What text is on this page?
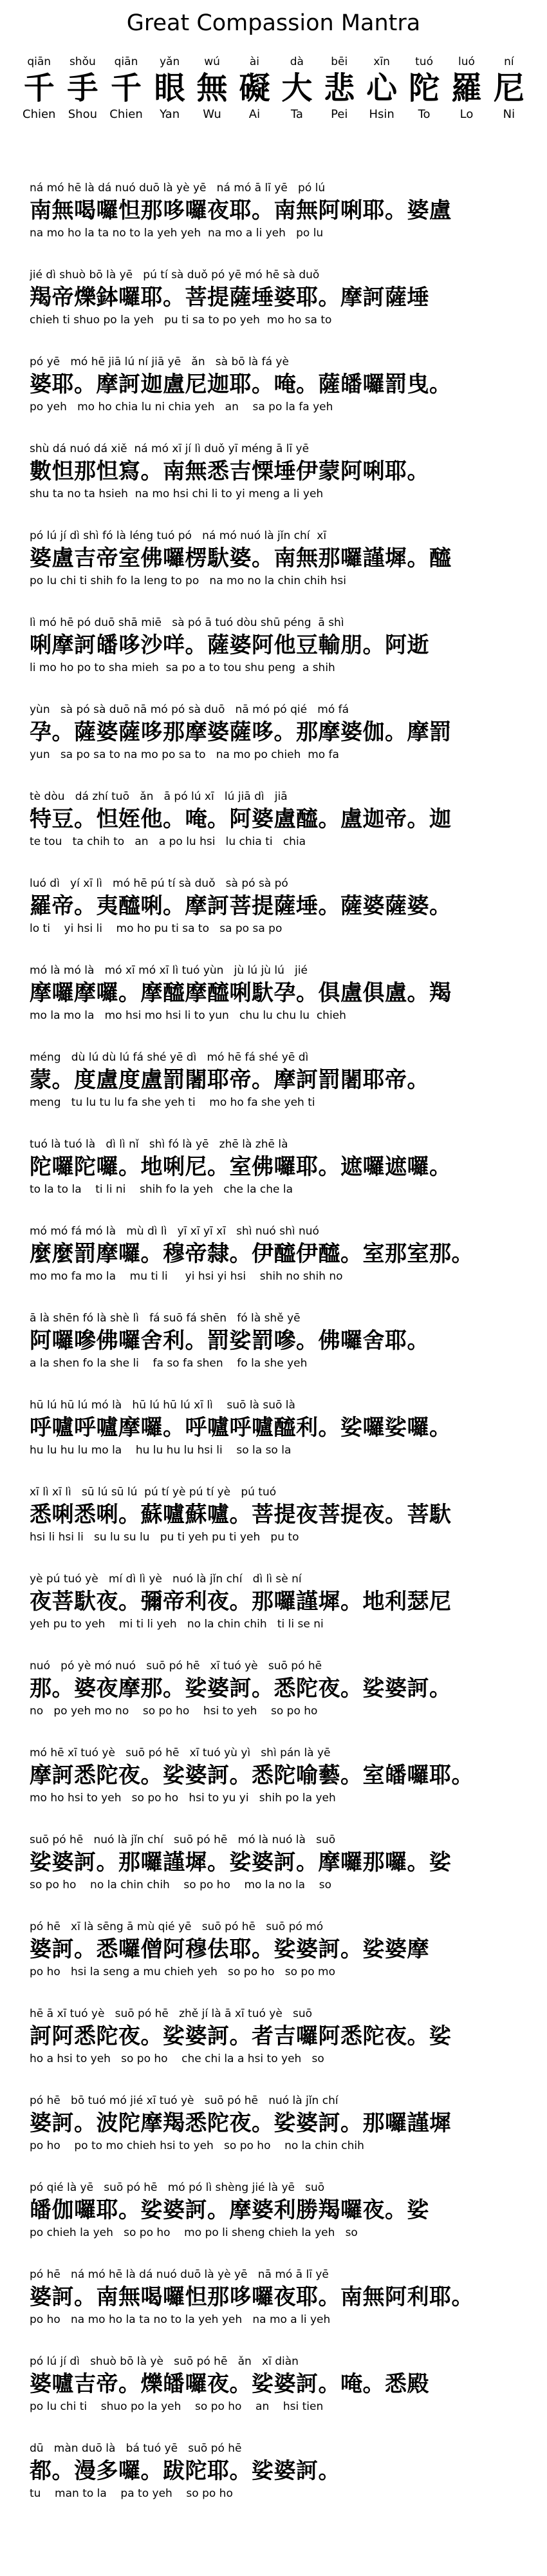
Great Compassion Mantra
qiān
千
Chien
shǒu
手
Shou
qiān
千
Chien
yǎn
眼
Yan
wú
無
Wu
ài
礙
Ai
dà
大
Ta
bēi
悲
Pei
xīn
心
Hsin
tuó
陀
To
luó
羅
Lo
ní
尼
Ni
ná mó hē là dá nuó duō là yè yē   ná mó ā lī yē   pó lú
南無喝囉怛那哆囉夜耶。南無阿唎耶。婆盧
na mo ho la ta no to la yeh yeh  na mo a li yeh   po lu
jié dì shuò bō là yē   pú tí sà duǒ pó yē mó hē sà duǒ
羯帝爍鉢囉耶。菩提薩埵婆耶。摩訶薩埵
chieh ti shuo po la yeh   pu ti sa to po yeh  mo ho sa to
pó yē   mó hē jiā lú ní jiā yē   ǎn   sà bō là fá yè
婆耶。摩訶迦盧尼迦耶。唵。薩皤囉罰曳。
po yeh   mo ho chia lu ni chia yeh   an    sa po la fa yeh
shù dá nuó dá xiě  ná mó xī jí lì duǒ yī méng ā lī yē
數怛那怛寫。南無悉吉慄埵伊蒙阿唎耶。
shu ta no ta hsieh  na mo hsi chi li to yi meng a li yeh
pó lú jí dì shì fó là léng tuó pó   ná mó nuó là jǐn chí  xī
婆盧吉帝室佛囉楞馱婆。南無那囉謹墀。醯
po lu chi ti shih fo la leng to po   na mo no la chin chih hsi
lì mó hē pó duō shā miē   sà pó ā tuó dòu shū péng  ā shì
唎摩訶皤哆沙咩。薩婆阿他豆輸朋。阿逝
li mo ho po to sha mieh  sa po a to tou shu peng  a shih
yùn   sà pó sà duō nā mó pó sà duō   nā mó pó qié   mó fá
孕。薩婆薩哆那摩婆薩哆。那摩婆伽。摩罰
yun   sa po sa to na mo po sa to   na mo po chieh  mo fa
tè dòu   dá zhí tuō   ǎn   ā pó lú xī   lú jiā dì   jiā
特豆。怛姪他。唵。阿婆盧醯。盧迦帝。迦
te tou   ta chih to   an   a po lu hsi   lu chia ti   chia
luó dì   yí xī lì   mó hē pú tí sà duǒ   sà pó sà pó
羅帝。夷醯唎。摩訶菩提薩埵。薩婆薩婆。
lo ti    yi hsi li    mo ho pu ti sa to   sa po sa po
mó là mó là   mó xī mó xī lì tuó yùn   jù lú jù lú   jié
摩囉摩囉。摩醯摩醯唎馱孕。俱盧俱盧。羯
mo la mo la   mo hsi mo hsi li to yun   chu lu chu lu  chieh
méng   dù lú dù lú fá shé yē dì   mó hē fá shé yē dì
蒙。度盧度盧罰闍耶帝。摩訶罰闍耶帝。
meng   tu lu tu lu fa she yeh ti    mo ho fa she yeh ti
tuó là tuó là   dì lì nǐ   shì fó là yē   zhē là zhē là
陀囉陀囉。地唎尼。室佛囉耶。遮囉遮囉。
to la to la    ti li ni    shih fo la yeh   che la che la
mó mó fá mó là   mù dì lì   yī xī yī xī   shì nuó shì nuó
麼麼罰摩囉。穆帝隸。伊醯伊醯。室那室那。
mo mo fa mo la    mu ti li     yi hsi yi hsi    shih no shih no
ā là shēn fó là shè lì   fá suō fá shēn   fó là shě yē
阿囉嘇佛囉舍利。罰娑罰嘇。佛囉舍耶。
a la shen fo la she li    fa so fa shen    fo la she yeh
hū lú hū lú mó là   hū lú hū lú xī lì    suō là suō là
呼嚧呼嚧摩囉。呼嚧呼嚧醯利。娑囉娑囉。
hu lu hu lu mo la    hu lu hu lu hsi li    so la so la
xī lì xī lì   sū lú sū lú  pú tí yè pú tí yè   pú tuó
悉唎悉唎。蘇嚧蘇嚧。菩提夜菩提夜。菩馱
hsi li hsi li   su lu su lu   pu ti yeh pu ti yeh   pu to
yè pú tuó yè   mí dì lì yè   nuó là jǐn chí   dì lì sè ní
夜菩馱夜。彌帝利夜。那囉謹墀。地利瑟尼
yeh pu to yeh    mi ti li yeh   no la chin chih   ti li se ni
nuó   pó yè mó nuó   suō pó hē   xī tuó yè   suō pó hē
那。婆夜摩那。娑婆訶。悉陀夜。娑婆訶。
no   po yeh mo no    so po ho    hsi to yeh    so po ho
mó hē xī tuó yè   suō pó hē   xī tuó yù yì   shì pán là yē
摩訶悉陀夜。娑婆訶。悉陀喻藝。室皤囉耶。
mo ho hsi to yeh   so po ho   hsi to yu yi   shih po la yeh
suō pó hē   nuó là jǐn chí   suō pó hē   mó là nuó là   suō
娑婆訶。那囉謹墀。娑婆訶。摩囉那囉。娑
so po ho    no la chin chih    so po ho    mo la no la    so
pó hē   xī là sēng ā mù qié yē   suō pó hē   suō pó mó
婆訶。悉囉僧阿穆佉耶。娑婆訶。娑婆摩
po ho   hsi la seng a mu chieh yeh   so po ho   so po mo
hē ā xī tuó yè   suō pó hē   zhě jí là ā xī tuó yè   suō
訶阿悉陀夜。娑婆訶。者吉囉阿悉陀夜。娑
ho a hsi to yeh   so po ho    che chi la a hsi to yeh   so
pó hē   bō tuó mó jié xī tuó yè   suō pó hē   nuó là jǐn chí
婆訶。波陀摩羯悉陀夜。娑婆訶。那囉謹墀
po ho    po to mo chieh hsi to yeh   so po ho    no la chin chih
pó qié là yē   suō pó hē   mó pó lì shèng jié là yē   suō
皤伽囉耶。娑婆訶。摩婆利勝羯囉夜。娑
po chieh la yeh   so po ho    mo po li sheng chieh la yeh   so
pó hē   ná mó hē là dá nuó duō là yè yē   nā mó ā lī yē
婆訶。南無喝囉怛那哆囉夜耶。南無阿利耶。
po ho   na mo ho la ta no to la yeh yeh   na mo a li yeh
pó lú jí dì   shuò bō là yè   suō pó hē   ǎn   xī diàn
婆嚧吉帝。爍皤囉夜。娑婆訶。唵。悉殿
po lu chi ti    shuo po la yeh    so po ho    an    hsi tien
dū   màn duō là   bá tuó yē   suō pó hē
都。漫多囉。跋陀耶。娑婆訶。
tu    man to la    pa to yeh    so po ho
